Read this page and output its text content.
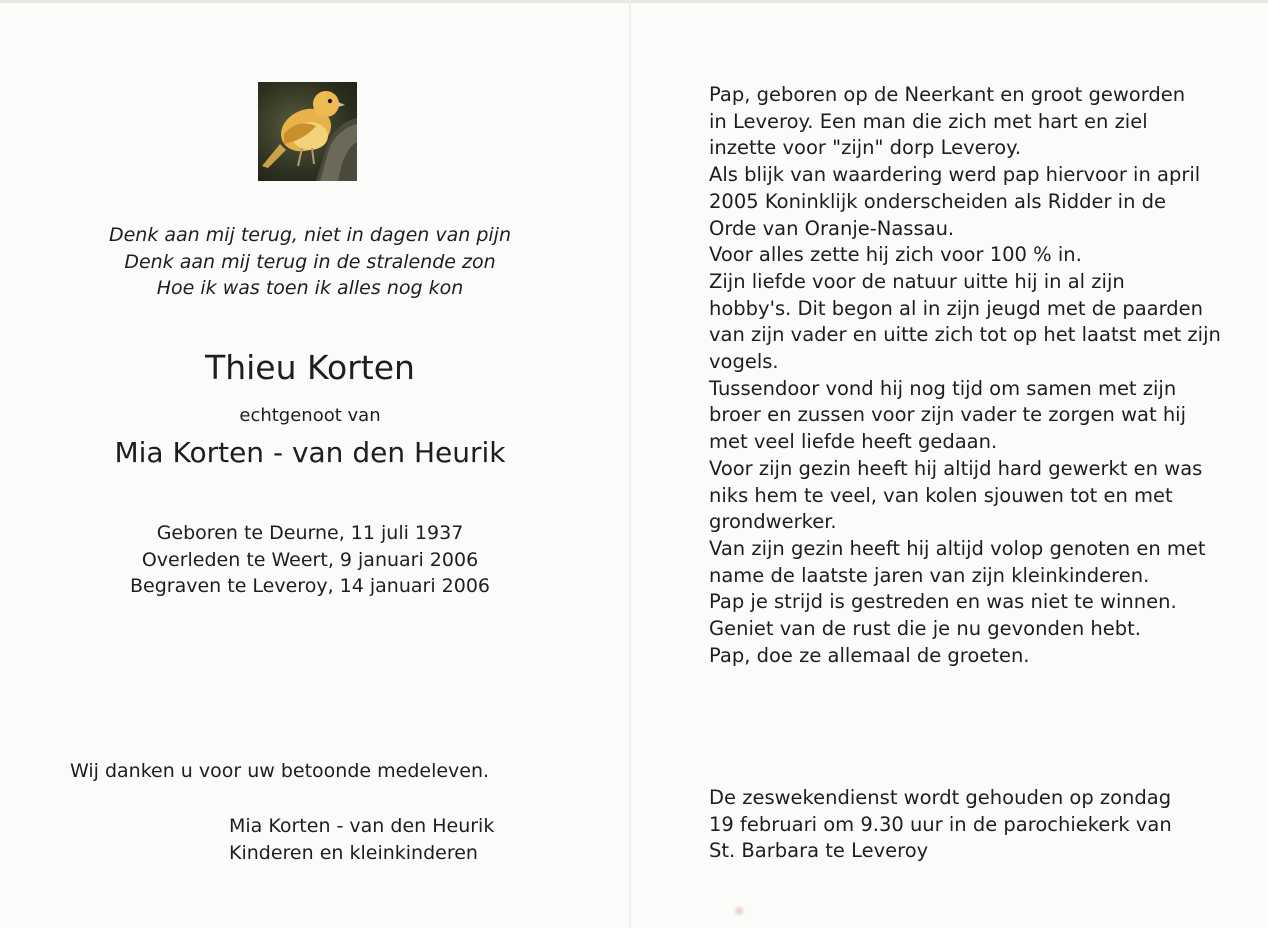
Denk aan mij terug, niet in dagen van pijn
Denk aan mij terug in de stralende zon
Hoe ik was toen ik alles nog kon
Thieu Korten
echtgenoot van
Mia Korten - van den Heurik
Geboren te Deurne, 11 juli 1937
Overleden te Weert, 9 januari 2006
Begraven te Leveroy, 14 januari 2006
Wij danken u voor uw betoonde medeleven.
Mia Korten - van den Heurik
Kinderen en kleinkinderen
Pap, geboren op de Neerkant en groot geworden
in Leveroy. Een man die zich met hart en ziel
inzette voor "zijn" dorp Leveroy.
Als blijk van waardering werd pap hiervoor in april
2005 Koninklijk onderscheiden als Ridder in de
Orde van Oranje-Nassau.
Voor alles zette hij zich voor 100 % in.
Zijn liefde voor de natuur uitte hij in al zijn
hobby's. Dit begon al in zijn jeugd met de paarden
van zijn vader en uitte zich tot op het laatst met zijn
vogels.
Tussendoor vond hij nog tijd om samen met zijn
broer en zussen voor zijn vader te zorgen wat hij
met veel liefde heeft gedaan.
Voor zijn gezin heeft hij altijd hard gewerkt en was
niks hem te veel, van kolen sjouwen tot en met
grondwerker.
Van zijn gezin heeft hij altijd volop genoten en met
name de laatste jaren van zijn kleinkinderen.
Pap je strijd is gestreden en was niet te winnen.
Geniet van de rust die je nu gevonden hebt.
Pap, doe ze allemaal de groeten.
De zeswekendienst wordt gehouden op zondag
19 februari om 9.30 uur in de parochiekerk van
St. Barbara te Leveroy
